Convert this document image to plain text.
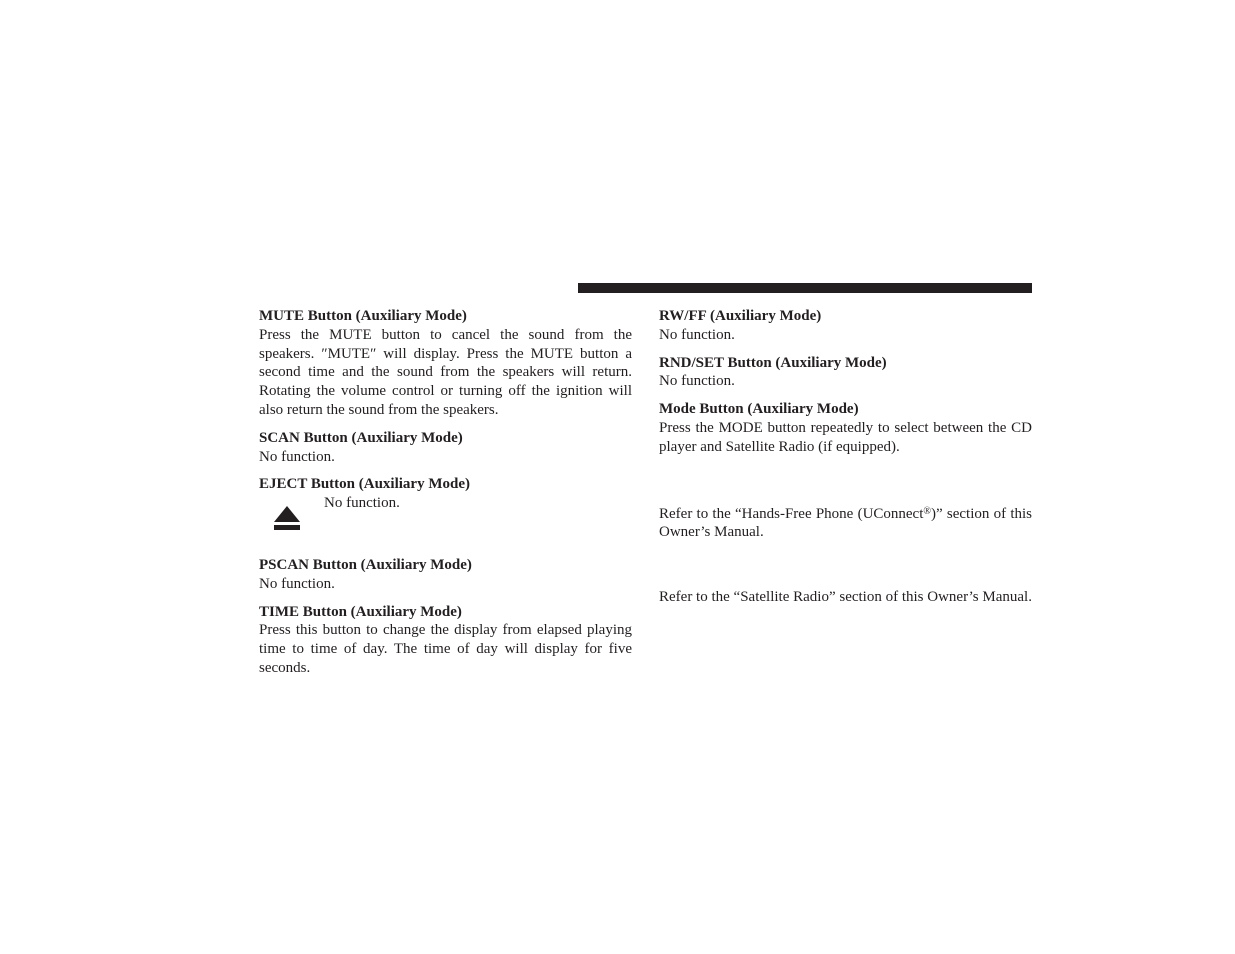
MUTE Button (Auxiliary Mode)

Press the MUTE button to cancel the sound from the speakers. ″MUTE″ will display. Press the MUTE button a second time and the sound from the speakers will return. Rotating the volume control or turning off the ignition will also return the sound from the speakers.

SCAN Button (Auxiliary Mode)

No function.

EJECT Button (Auxiliary Mode)

No function.

PSCAN Button (Auxiliary Mode)

No function.

TIME Button (Auxiliary Mode)

Press this button to change the display from elapsed playing time to time of day. The time of day will display for five seconds.

RW/FF (Auxiliary Mode)

No function.

RND/SET Button (Auxiliary Mode)

No function.

Mode Button (Auxiliary Mode)

Press the MODE button repeatedly to select between the CD player and Satellite Radio (if equipped).

Refer to the “Hands-Free Phone (UConnect®)” section of this Owner’s Manual.

Refer to the “Satellite Radio” section of this Owner’s Manual.
